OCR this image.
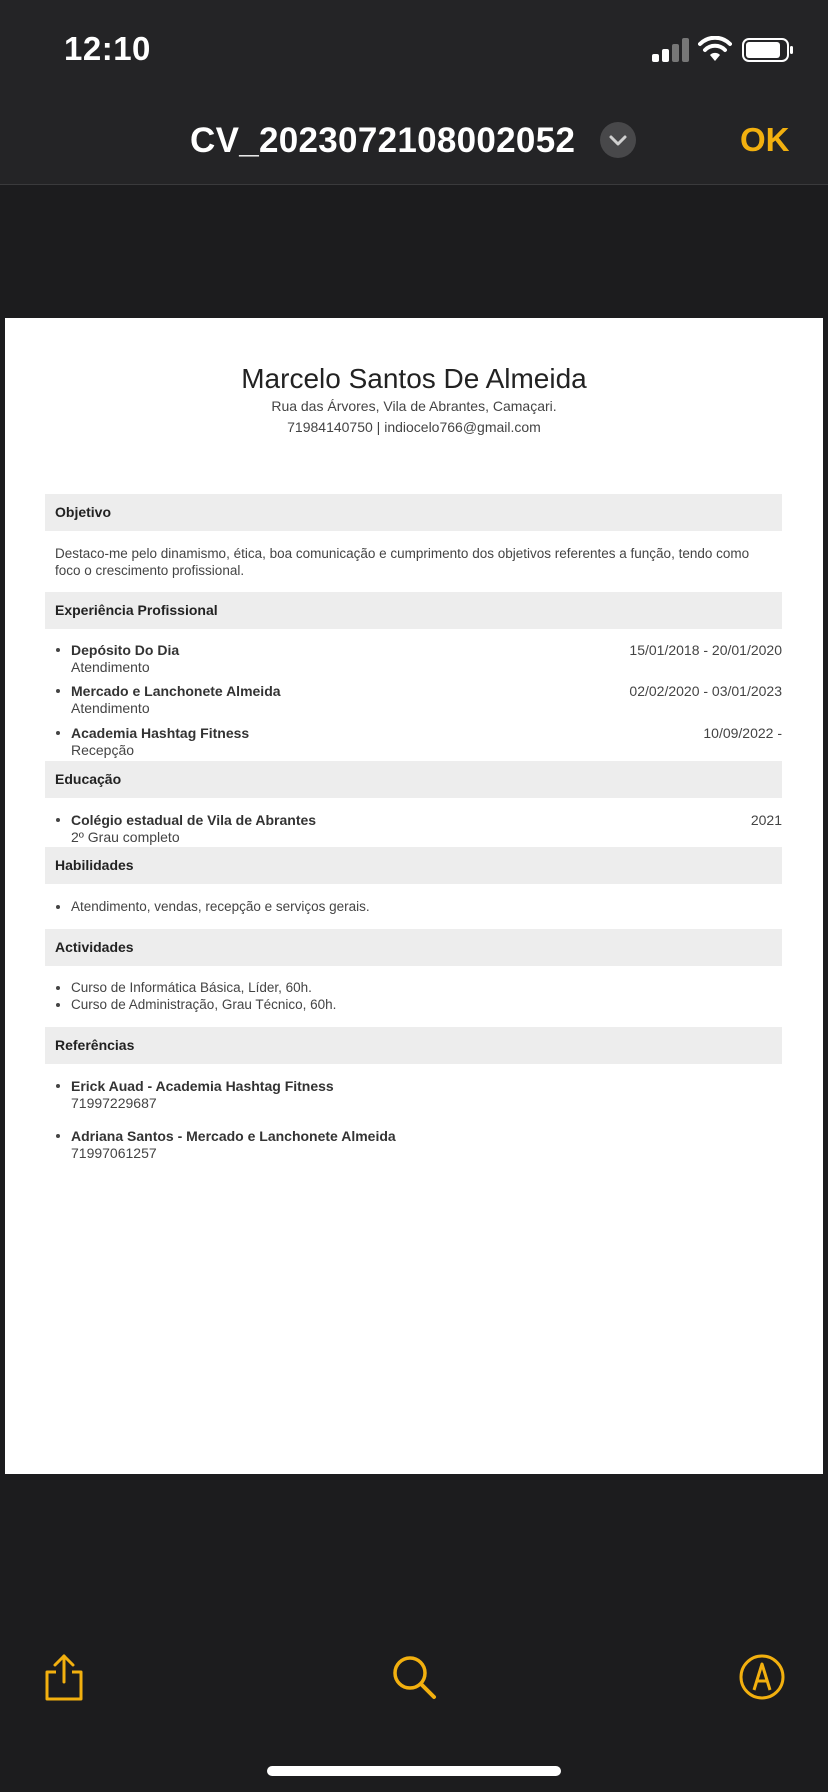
12:10
CV_2023072108002052	OK
Marcelo Santos De Almeida
Rua das Árvores, Vila de Abrantes, Camaçari.
71984140750 | indiocelo766@gmail.com
Objetivo
Destaco-me pelo dinamismo, ética, boa comunicação e cumprimento dos objetivos referentes a função, tendo como foco o crescimento profissional.
Experiência Profissional
Depósito Do Dia	15/01/2018 - 20/01/2020
Atendimento
Mercado e Lanchonete Almeida	02/02/2020 - 03/01/2023
Atendimento
Academia Hashtag Fitness	10/09/2022 -
Recepção
Educação
Colégio estadual de Vila de Abrantes	2021
2º Grau completo
Habilidades
Atendimento, vendas, recepção e serviços gerais.
Actividades
Curso de Informática Básica, Líder, 60h.
Curso de Administração, Grau Técnico, 60h.
Referências
Erick Auad - Academia Hashtag Fitness
71997229687
Adriana Santos - Mercado e Lanchonete Almeida
71997061257
